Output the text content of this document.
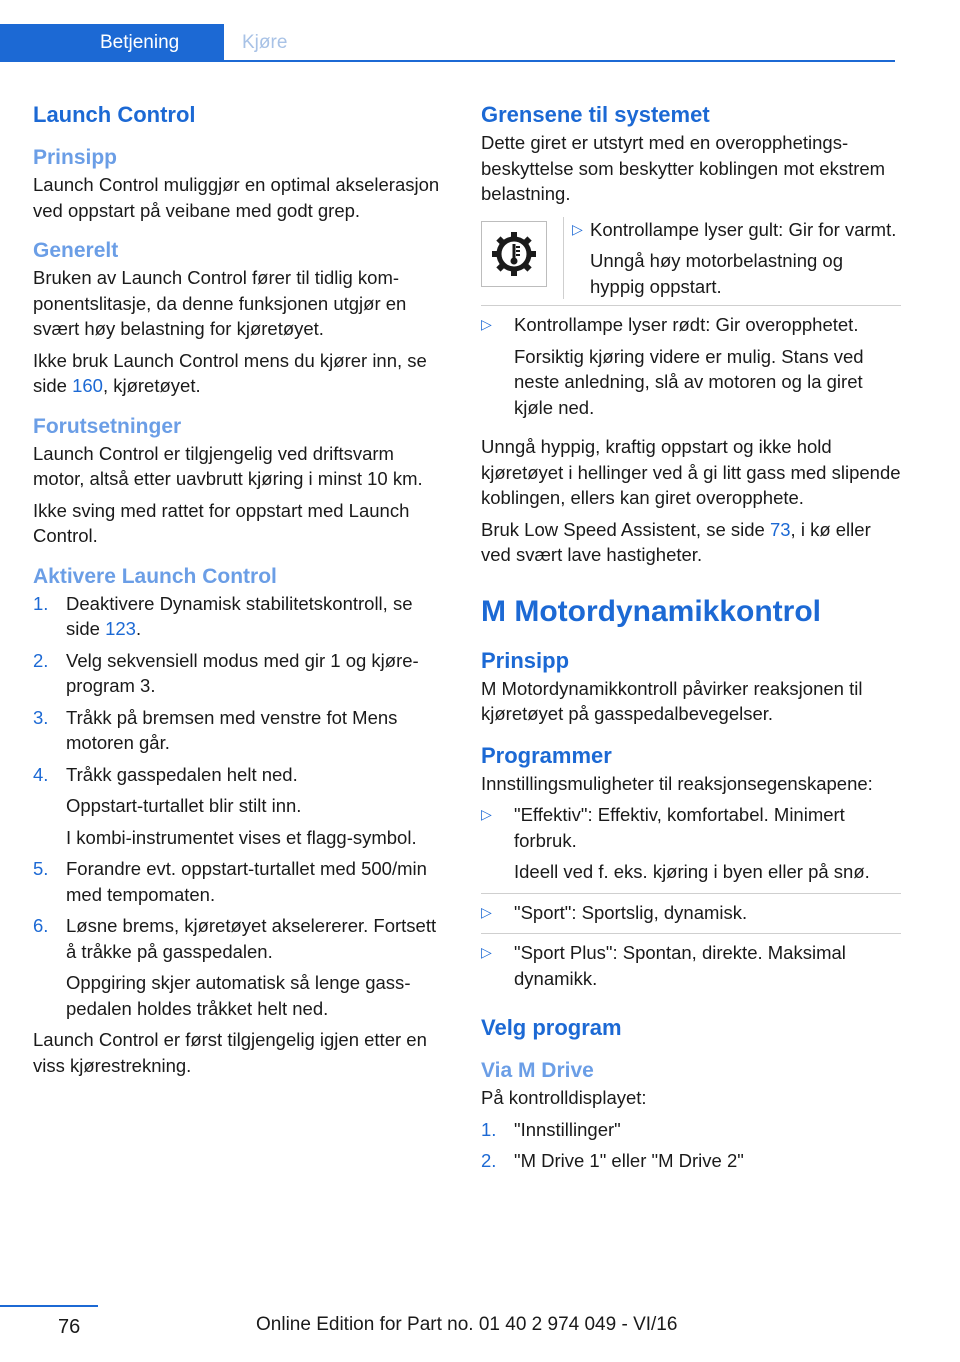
Betjening	Kjøre
Launch Control
Prinsipp

Launch Control muliggjør en optimal akselerasjon ved oppstart på veibane med godt grep.

Generelt

Bruken av Launch Control fører til tidlig komponentslitasje, da denne funksjonen utgjør en svært høy belastning for kjøretøyet.

Ikke bruk Launch Control mens du kjører inn, se side 160, kjøretøyet.

Forutsetninger

Launch Control er tilgjengelig ved driftsvarm motor, altså etter uavbrutt kjøring i minst 10 km.

Ikke sving med rattet for oppstart med Launch Control.

Aktivere Launch Control
1. Deaktivere Dynamisk stabilitetskontroll, se side 123.
2. Velg sekvensiell modus med gir 1 og kjøreprogram 3.
3. Tråkk på bremsen med venstre fot Mens motoren går.
4. Tråkk gasspedalen helt ned.
Oppstart-turtallet blir stilt inn.
I kombi-instrumentet vises et flagg-symbol.
5. Forandre evt. oppstart-turtallet med 500/min med tempomaten.
6. Løsne brems, kjøretøyet akselererer. Fortsett å tråkke på gasspedalen.
Oppgiring skjer automatisk så lenge gasspedalen holdes tråkket helt ned.

Launch Control er først tilgjengelig igjen etter en viss kjørestrekning.

Grensene til systemet

Dette giret er utstyrt med en overopphetingsbeskyttelse som beskytter koblingen mot ekstrem belastning.

▷ Kontrollampe lyser gult: Gir for varmt.
Unngå høy motorbelastning og hyppig oppstart.
▷ Kontrollampe lyser rødt: Gir overopphetet.
Forsiktig kjøring videre er mulig. Stans ved neste anledning, slå av motoren og la giret kjøle ned.

Unngå hyppig, kraftig oppstart og ikke hold kjøretøyet i hellinger ved å gi litt gass med slipende koblingen, ellers kan giret overopphete.

Bruk Low Speed Assistent, se side 73, i kø eller ved svært lave hastigheter.

M Motordynamikkontrol
Prinsipp

M Motordynamikkontroll påvirker reaksjonen til kjøretøyet på gasspedalbevegelser.

Programmer

Innstillingsmuligheter til reaksjonsegenskapene:

▷ "Effektiv": Effektiv, komfortabel. Minimert forbruk.
Ideell ved f. eks. kjøring i byen eller på snø.
▷ "Sport": Sportslig, dynamisk.
▷ "Sport Plus": Spontan, direkte. Maksimal dynamikk.
Velg program
Via M Drive

På kontrolldisplayet:

1. "Innstillinger"
2. "M Drive 1" eller "M Drive 2"
76	Online Edition for Part no. 01 40 2 974 049 - VI/16
